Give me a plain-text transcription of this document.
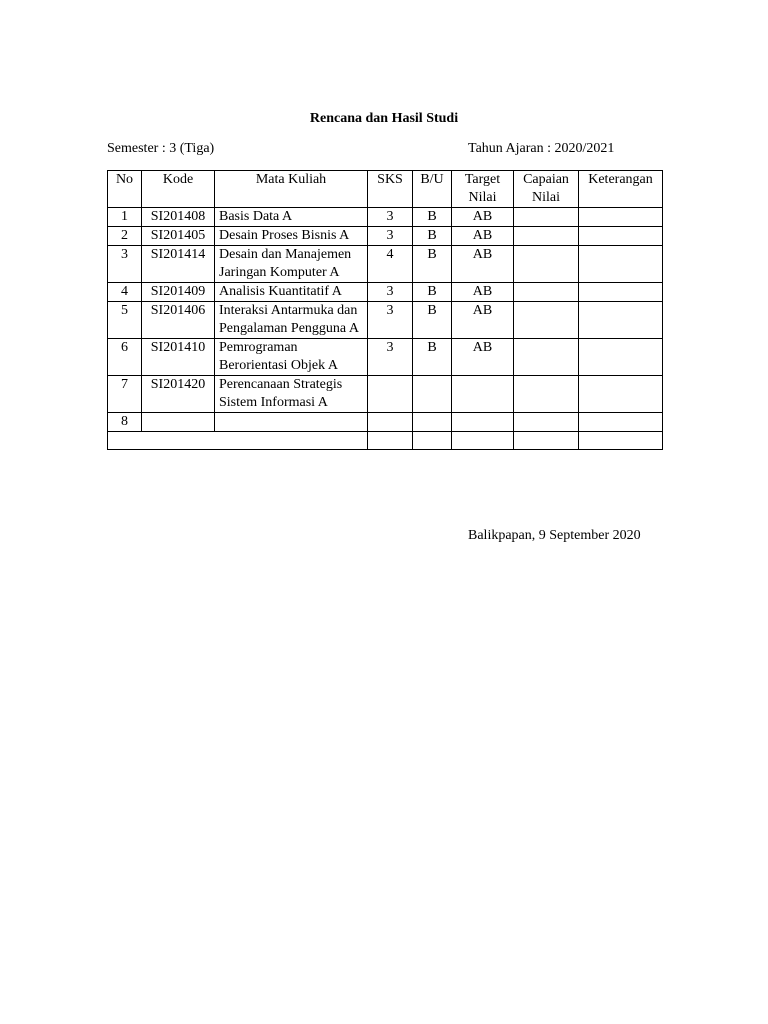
Rencana dan Hasil Studi
Semester : 3 (Tiga)	Tahun Ajaran : 2020/2021
No	Kode	Mata Kuliah	SKS	B/U	Target Nilai	Capaian Nilai	Keterangan
1	SI201408	Basis Data A	3	B	AB		
2	SI201405	Desain Proses Bisnis A	3	B	AB		
3	SI201414	Desain dan Manajemen Jaringan Komputer A	4	B	AB		
4	SI201409	Analisis Kuantitatif A	3	B	AB		
5	SI201406	Interaksi Antarmuka dan Pengalaman Pengguna A	3	B	AB		
6	SI201410	Pemrograman Berorientasi Objek A	3	B	AB		
7	SI201420	Perencanaan Strategis Sistem Informasi A					
8							

Balikpapan, 9 September 2020
